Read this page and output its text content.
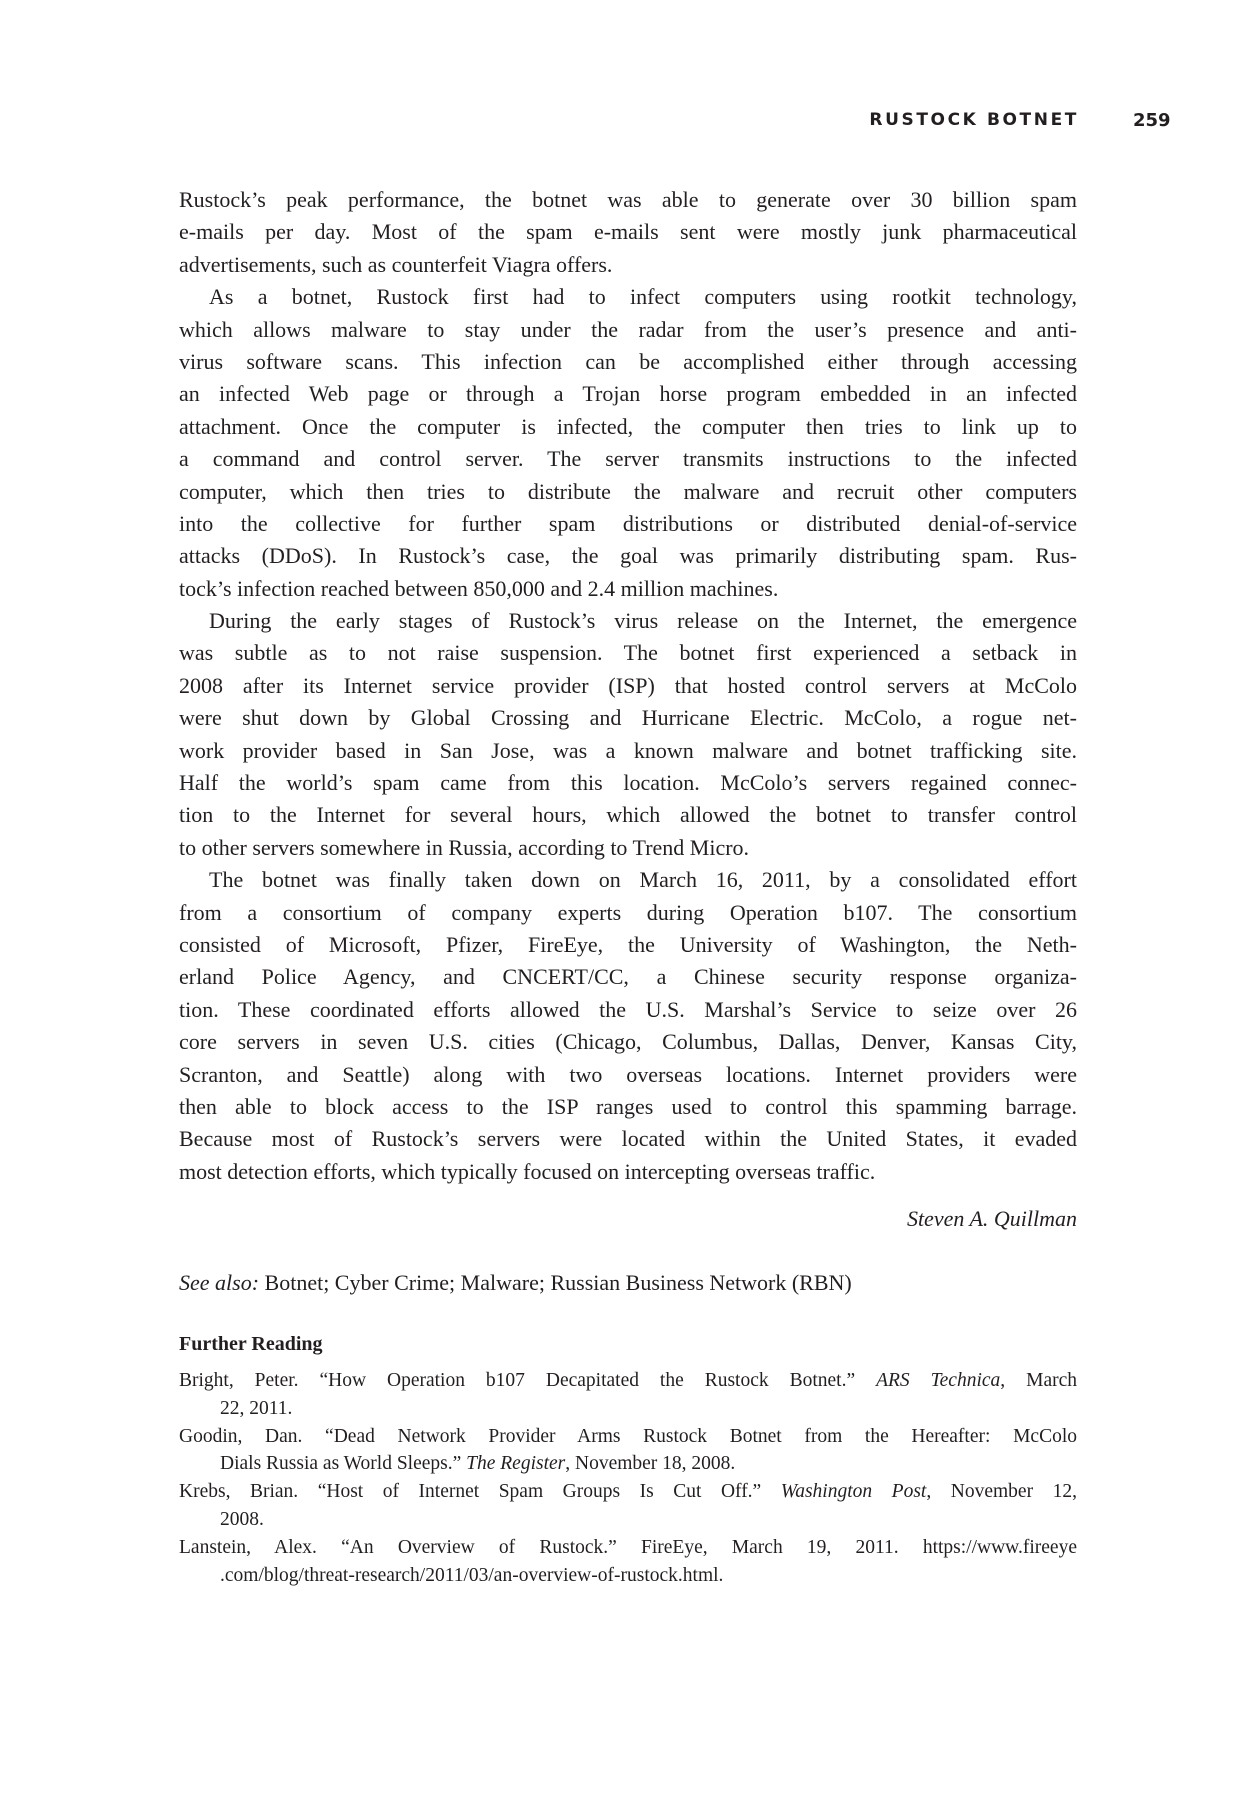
RUSTOCK BOTNET	259
Rustock’s peak performance, the botnet was able to generate over 30 billion spam
e-mails per day. Most of the spam e-mails sent were mostly junk pharmaceutical
advertisements, such as counterfeit Viagra offers.
As a botnet, Rustock first had to infect computers using rootkit technology,
which allows malware to stay under the radar from the user’s presence and anti-
virus software scans. This infection can be accomplished either through accessing
an infected Web page or through a Trojan horse program embedded in an infected
attachment. Once the computer is infected, the computer then tries to link up to
a command and control server. The server transmits instructions to the infected
computer, which then tries to distribute the malware and recruit other computers
into the collective for further spam distributions or distributed denial-of-service
attacks (DDoS). In Rustock’s case, the goal was primarily distributing spam. Rus-
tock’s infection reached between 850,000 and 2.4 million machines.
During the early stages of Rustock’s virus release on the Internet, the emergence
was subtle as to not raise suspension. The botnet first experienced a setback in
2008 after its Internet service provider (ISP) that hosted control servers at McColo
were shut down by Global Crossing and Hurricane Electric. McColo, a rogue net-
work provider based in San Jose, was a known malware and botnet trafficking site.
Half the world’s spam came from this location. McColo’s servers regained connec-
tion to the Internet for several hours, which allowed the botnet to transfer control
to other servers somewhere in Russia, according to Trend Micro.
The botnet was finally taken down on March 16, 2011, by a consolidated effort
from a consortium of company experts during Operation b107. The consortium
consisted of Microsoft, Pfizer, FireEye, the University of Washington, the Neth-
erland Police Agency, and CNCERT/CC, a Chinese security response organiza-
tion. These coordinated efforts allowed the U.S. Marshal’s Service to seize over 26
core servers in seven U.S. cities (Chicago, Columbus, Dallas, Denver, Kansas City,
Scranton, and Seattle) along with two overseas locations. Internet providers were
then able to block access to the ISP ranges used to control this spamming barrage.
Because most of Rustock’s servers were located within the United States, it evaded
most detection efforts, which typically focused on intercepting overseas traffic.
Steven A. Quillman
See also: Botnet; Cyber Crime; Malware; Russian Business Network (RBN)
Further Reading
Bright, Peter. “How Operation b107 Decapitated the Rustock Botnet.” ARS Technica, March
22, 2011.
Goodin, Dan. “Dead Network Provider Arms Rustock Botnet from the Hereafter: McColo
Dials Russia as World Sleeps.” The Register, November 18, 2008.
Krebs, Brian. “Host of Internet Spam Groups Is Cut Off.” Washington Post, November 12,
2008.
Lanstein, Alex. “An Overview of Rustock.” FireEye, March 19, 2011. https://www.fireeye
.com/blog/threat-research/2011/03/an-overview-of-rustock.html.
